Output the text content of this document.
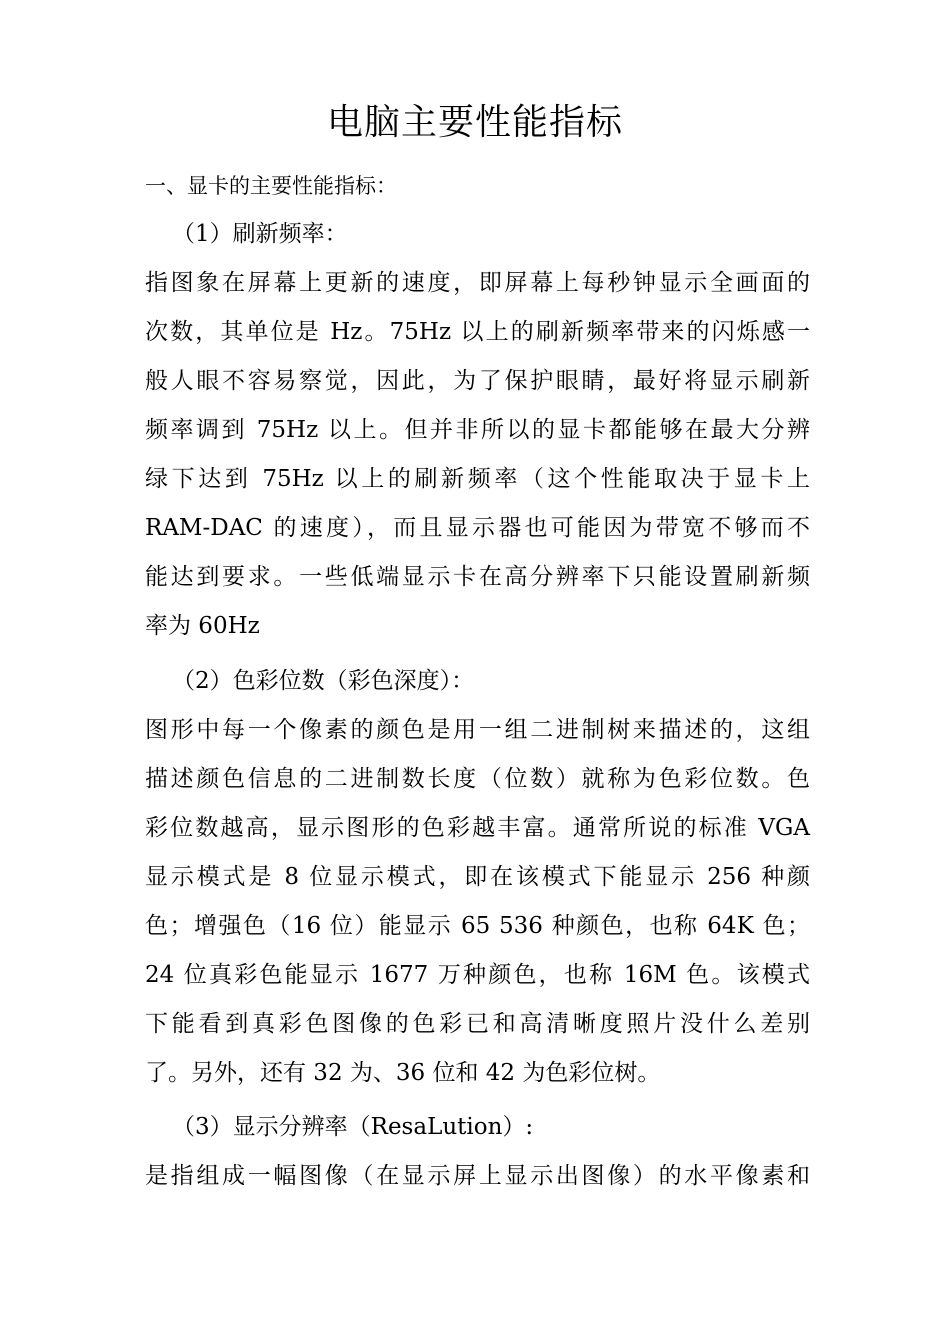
电脑主要性能指标
一、显卡的主要性能指标：
（1）刷新频率：
指图象在屏幕上更新的速度，即屏幕上每秒钟显示全画面的
次数，其单位是 Hz。75Hz 以上的刷新频率带来的闪烁感一
般人眼不容易察觉，因此，为了保护眼睛，最好将显示刷新
频率调到 75Hz 以上。但并非所以的显卡都能够在最大分辨
绿下达到 75Hz 以上的刷新频率（这个性能取决于显卡上
RAM-DAC 的速度），而且显示器也可能因为带宽不够而不
能达到要求。一些低端显示卡在高分辨率下只能设置刷新频
率为 60Hz
（2）色彩位数（彩色深度）：
图形中每一个像素的颜色是用一组二进制树来描述的，这组
描述颜色信息的二进制数长度（位数）就称为色彩位数。色
彩位数越高，显示图形的色彩越丰富。通常所说的标准 VGA
显示模式是 8 位显示模式，即在该模式下能显示 256 种颜
色；增强色（16 位）能显示 65 536 种颜色，也称 64K 色；
24 位真彩色能显示 1677 万种颜色，也称 16M 色。该模式
下能看到真彩色图像的色彩已和高清晰度照片没什么差别
了。另外，还有 32 为、36 位和 42 为色彩位树。
（3）显示分辨率（ResaLution）:
是指组成一幅图像（在显示屏上显示出图像）的水平像素和
